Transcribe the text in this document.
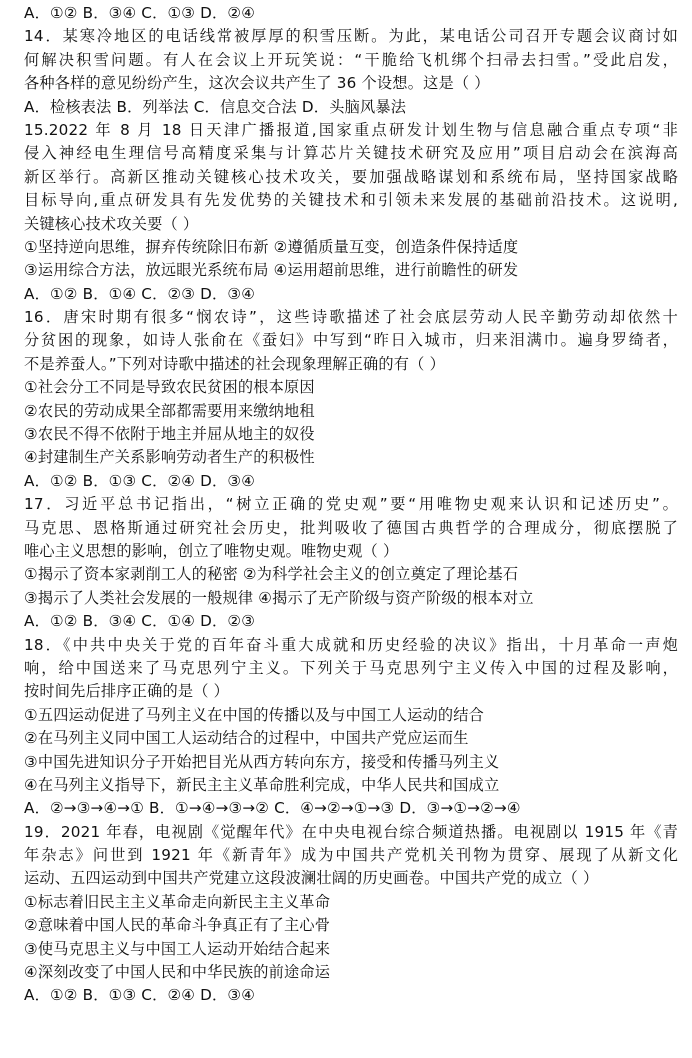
A．①② B．③④ C．①③ D．②④
14．某寒冷地区的电话线常被厚厚的积雪压断。为此，某电话公司召开专题会议商讨如
何解决积雪问题。有人在会议上开玩笑说：“干脆给飞机绑个扫帚去扫雪。”受此启发，
各种各样的意见纷纷产生，这次会议共产生了 36 个设想。这是（ ）
A．检核表法 B．列举法 C．信息交合法 D．头脑风暴法
15.2022 年 8 月 18 日天津广播报道,国家重点研发计划生物与信息融合重点专项“非
侵入神经电生理信号高精度采集与计算芯片关键技术研究及应用”项目启动会在滨海高
新区举行。高新区推动关键核心技术攻关，要加强战略谋划和系统布局，坚持国家战略
目标导向,重点研发具有先发优势的关键技术和引领未来发展的基础前沿技术。这说明,
关键核心技术攻关要（ ）
①坚持逆向思维，摒弃传统除旧布新 ②遵循质量互变，创造条件保持适度
③运用综合方法，放远眼光系统布局 ④运用超前思维，进行前瞻性的研发
A．①② B．①④ C．②③ D．③④
16．唐宋时期有很多“悯农诗”，这些诗歌描述了社会底层劳动人民辛勤劳动却依然十
分贫困的现象，如诗人张俞在《蚕妇》中写到“昨日入城市，归来泪满巾。遍身罗绮者，
不是养蚕人。”下列对诗歌中描述的社会现象理解正确的有（ ）
①社会分工不同是导致农民贫困的根本原因
②农民的劳动成果全部都需要用来缴纳地租
③农民不得不依附于地主并屈从地主的奴役
④封建制生产关系影响劳动者生产的积极性
A．①② B．①③ C．②④ D．③④
17．习近平总书记指出，“树立正确的党史观”要“用唯物史观来认识和记述历史”。
马克思、恩格斯通过研究社会历史，批判吸收了德国古典哲学的合理成分，彻底摆脱了
唯心主义思想的影响，创立了唯物史观。唯物史观（ ）
①揭示了资本家剥削工人的秘密 ②为科学社会主义的创立奠定了理论基石
③揭示了人类社会发展的一般规律 ④揭示了无产阶级与资产阶级的根本对立
A．①② B．③④ C．①④ D．②③
18．《中共中央关于党的百年奋斗重大成就和历史经验的决议》指出，十月革命一声炮
响，给中国送来了马克思列宁主义。下列关于马克思列宁主义传入中国的过程及影响，
按时间先后排序正确的是（ ）
①五四运动促进了马列主义在中国的传播以及与中国工人运动的结合
②在马列主义同中国工人运动结合的过程中，中国共产党应运而生
③中国先进知识分子开始把目光从西方转向东方，接受和传播马列主义
④在马列主义指导下，新民主主义革命胜利完成，中华人民共和国成立
A．②→③→④→① B．①→④→③→② C．④→②→①→③ D．③→①→②→④
19．2021 年春，电视剧《觉醒年代》在中央电视台综合频道热播。电视剧以 1915 年《青
年杂志》问世到 1921 年《新青年》成为中国共产党机关刊物为贯穿、展现了从新文化
运动、五四运动到中国共产党建立这段波澜壮阔的历史画卷。中国共产党的成立（ ）
①标志着旧民主主义革命走向新民主主义革命
②意味着中国人民的革命斗争真正有了主心骨
③使马克思主义与中国工人运动开始结合起来
④深刻改变了中国人民和中华民族的前途命运
A．①② B．①③ C．②④ D．③④
